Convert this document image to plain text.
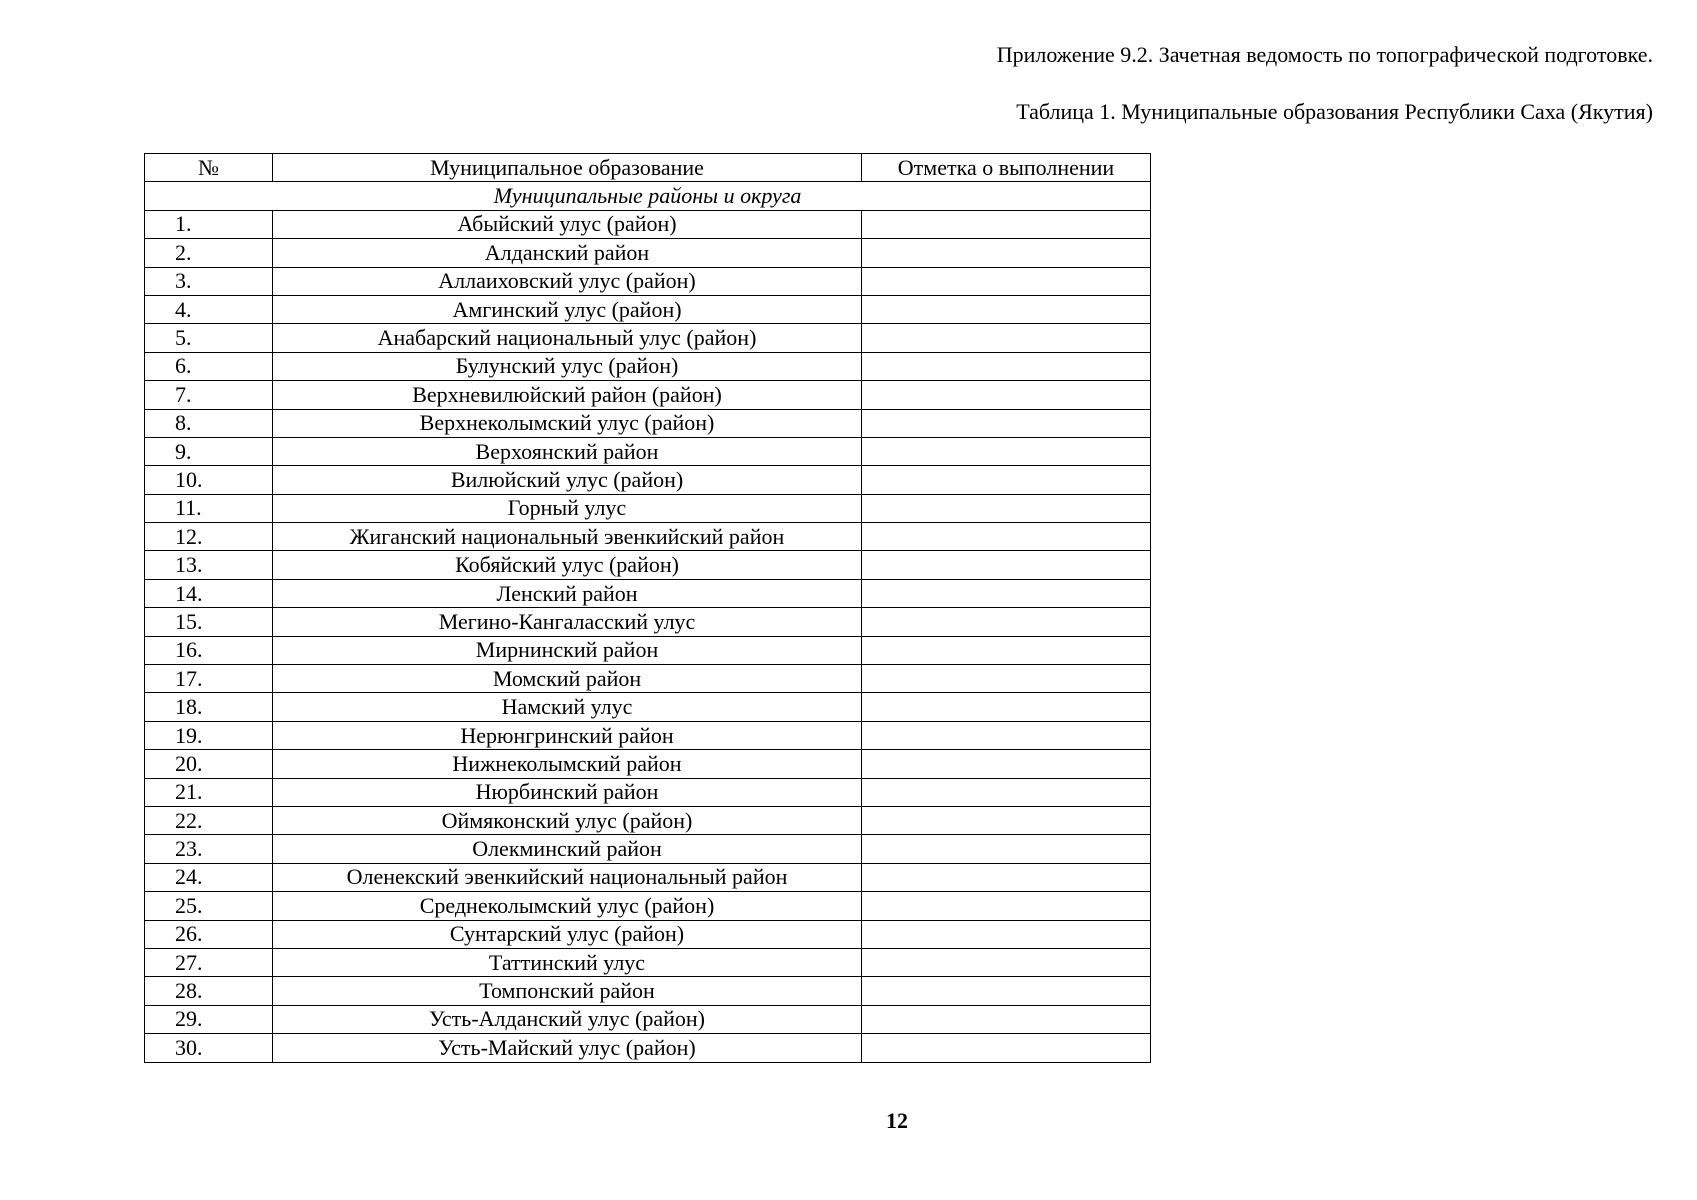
Приложение 9.2. Зачетная ведомость по топографической подготовке.
Таблица 1. Муниципальные образования Республики Саха (Якутия)
№	Муниципальное образование	Отметка о выполнении
Муниципальные районы и округа		
1.	Абыйский улус (район)	
2.	Алданский район	
3.	Аллаиховский улус (район)	
4.	Амгинский улус (район)	
5.	Анабарский национальный улус (район)	
6.	Булунский улус (район)	
7.	Верхневилюйский район (район)	
8.	Верхнеколымский улус (район)	
9.	Верхоянский район	
10.	Вилюйский улус (район)	
11.	Горный улус	
12.	Жиганский национальный эвенкийский район	
13.	Кобяйский улус (район)	
14.	Ленский район	
15.	Мегино-Кангаласский улус	
16.	Мирнинский район	
17.	Момский район	
18.	Намский улус	
19.	Нерюнгринский район	
20.	Нижнеколымский район	
21.	Нюрбинский район	
22.	Оймяконский улус (район)	
23.	Олекминский район	
24.	Оленекский эвенкийский национальный район	
25.	Среднеколымский улус (район)	
26.	Сунтарский улус (район)	
27.	Таттинский улус	
28.	Томпонский район	
29.	Усть-Алданский улус (район)	
30.	Усть-Майский улус (район)	
12
